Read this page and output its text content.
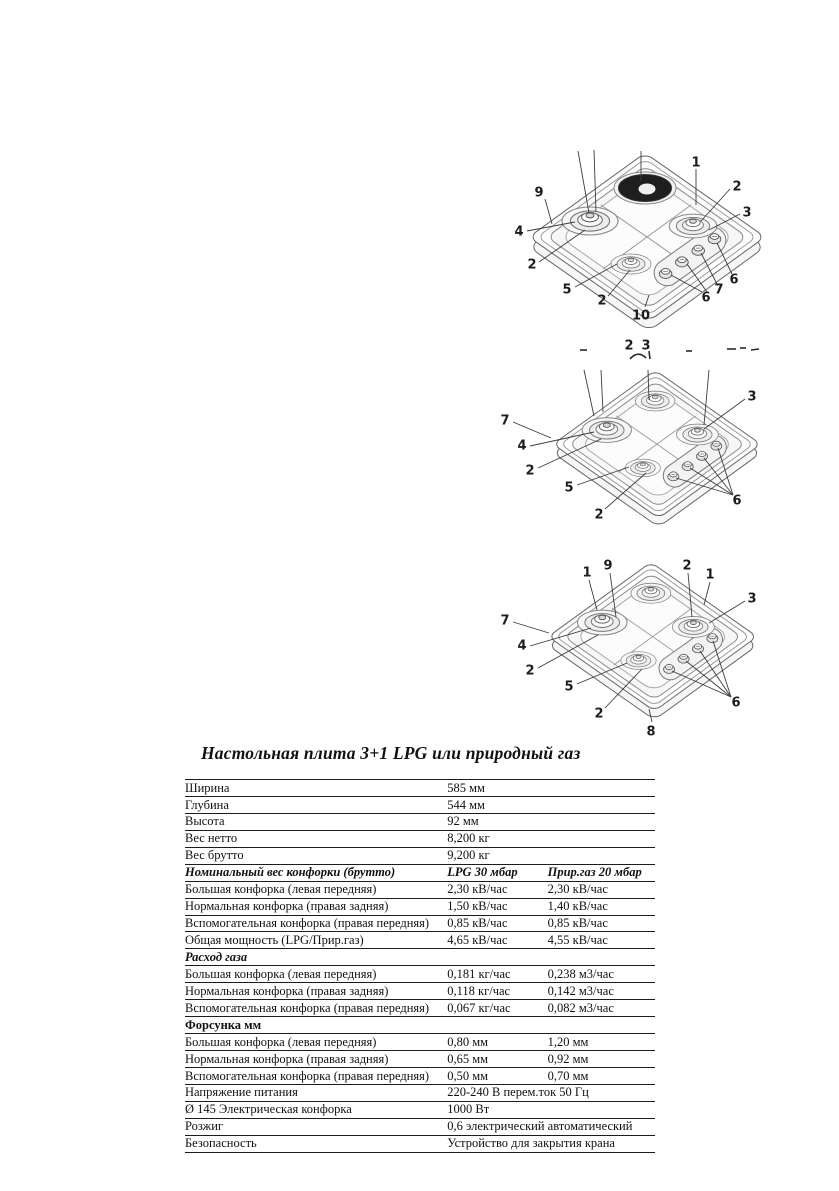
1
2
3
9
4
2
5
2
10
6
7
6
3
7
4
2
5
2
6
1 9	2
1
3
7
4
2
5
2
8
6
2 3
Настольная плита 3+1 LPG или природный газ
Ширина	585 мм	
Глубина	544 мм	
Высота	92 мм	
Вес нетто	8,200 кг	
Вес брутто	9,200 кг	
Номинальный вес конфорки (брутто)	LPG 30 мбар	Прир.газ 20 мбар
Большая конфорка (левая передняя)	2,30 кВ/час	2,30 кВ/час
Нормальная конфорка (правая задняя)	1,50 кВ/час	1,40 кВ/час
Вспомогательная конфорка (правая передняя)	0,85 кВ/час	0,85 кВ/час
Общая мощность (LPG/Прир.газ)	4,65 кВ/час	4,55 кВ/час
Расход газа		
Большая конфорка (левая передняя)	0,181 кг/час	0,238 м3/час
Нормальная конфорка (правая задняя)	0,118 кг/час	0,142 м3/час
Вспомогательная конфорка (правая передняя)	0,067 кг/час	0,082 м3/час
Форсунка мм		
Большая конфорка (левая передняя)	0,80 мм	1,20 мм
Нормальная конфорка (правая задняя)	0,65 мм	0,92 мм
Вспомогательная конфорка (правая передняя)	0,50 мм	0,70 мм
Напряжение питания	220-240 В перем.ток 50 Гц	
Ø 145 Электрическая конфорка	1000 Вт	
Розжиг	0,6 электрический автоматический	
Безопасность	Устройство для закрытия крана	
